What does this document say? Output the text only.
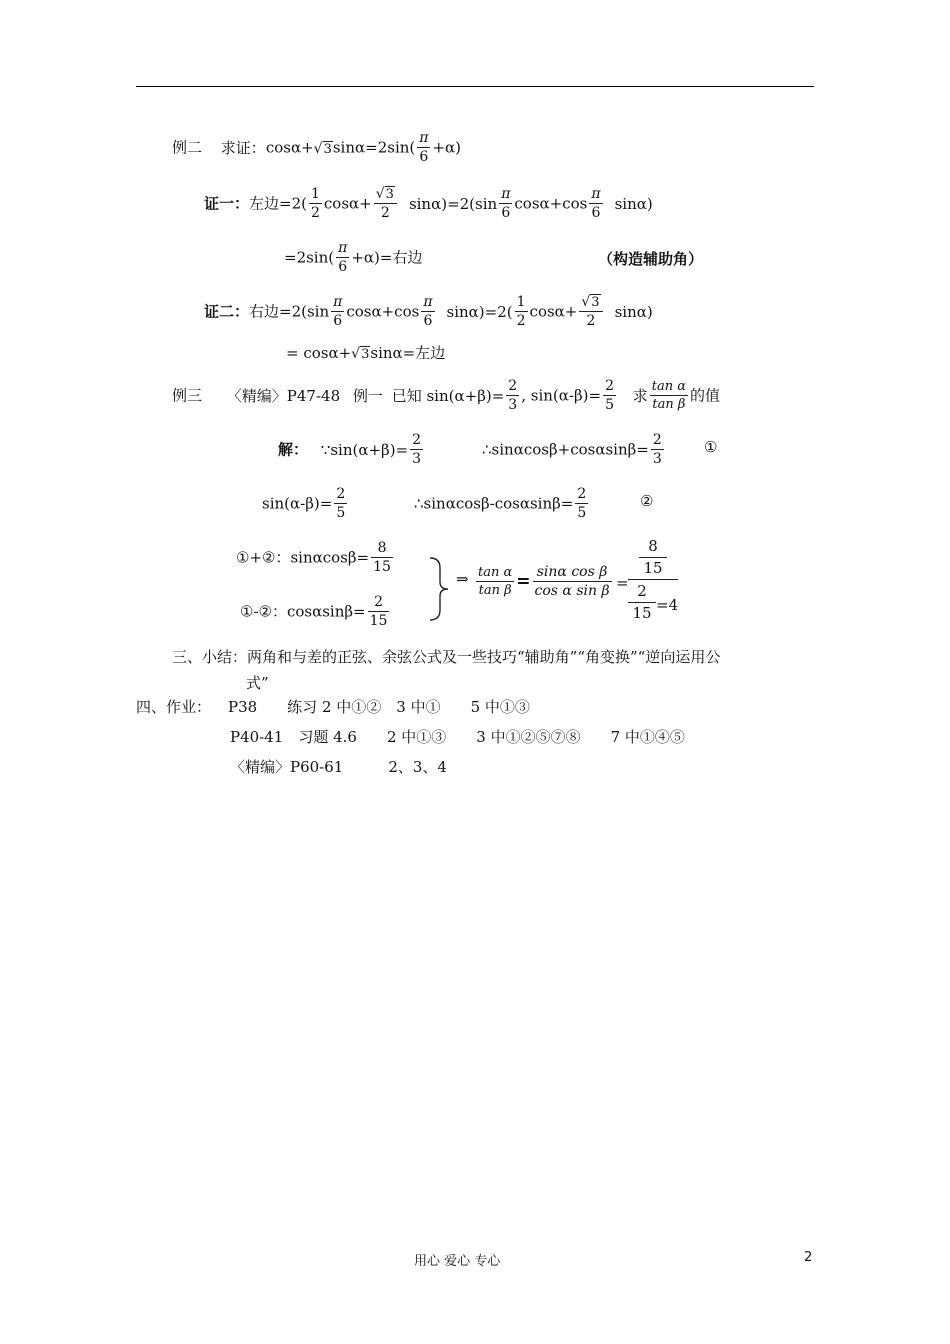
例二 求证：$\cos\alpha+√3\sin\alpha=2\sin( \frac{\pi}{6} +\alpha)$
证一：左边$=2( \frac{1}{2} \cos\alpha+ \frac{√3}{2} \sin\alpha)=2(\sin \frac{\pi}{6} \cos\alpha+\cos \frac{\pi}{6} \sin\alpha)$
$=2\sin( \frac{\pi}{6} +\alpha)=$右边	（构造辅助角）
证二：右边$=2(\sin \frac{\pi}{6} \cos\alpha+\cos \frac{\pi}{6} \sin\alpha)=2( \frac{1}{2} \cos\alpha+ \frac{√3}{2} \sin\alpha)$
= cosα+√3sinα=左边
例三 〈精编〉P47-48 例一 已知 $\sin(\alpha+\beta)= \frac{2}{3}$ , $\sin(\alpha-\beta)= \frac{2}{5}$ 求 $\frac{\text{tan α}}{\text{tan β}}$ 的值
解： ∵sin(α+β)= $\frac{2}{3}$	∴sinαcosβ+cosαsinβ= $\frac{2}{3}$	①
$\sin(\alpha-\beta)= \frac{2}{5}$	∴sinαcosβ-cosαsinβ= $\frac{2}{5}$	②
①+②：$\sin\alpha\cos\beta= \frac{8}{15}$
①-②：$\cos\alpha\sin\beta= \frac{2}{15}$
⇒ $\frac{\text{tan α}}{\text{tan β}} = \frac{\text{sinα cos β}}{\text{cos α sin β}}$ =
8
15
2
15 =4
三、小结：两角和与差的正弦、余弦公式及一些技巧“辅助角”“角变换”“逆向运用公
式”
四、作业： P38　　练习 2 中①②　3 中①　　5 中①③
P40-41　习题 4.6　　2 中①③　　3 中①②⑤⑦⑧　　7 中①④⑤
〈精编〉P60-61　　　2、3、4
用心 爱心 专心	2
